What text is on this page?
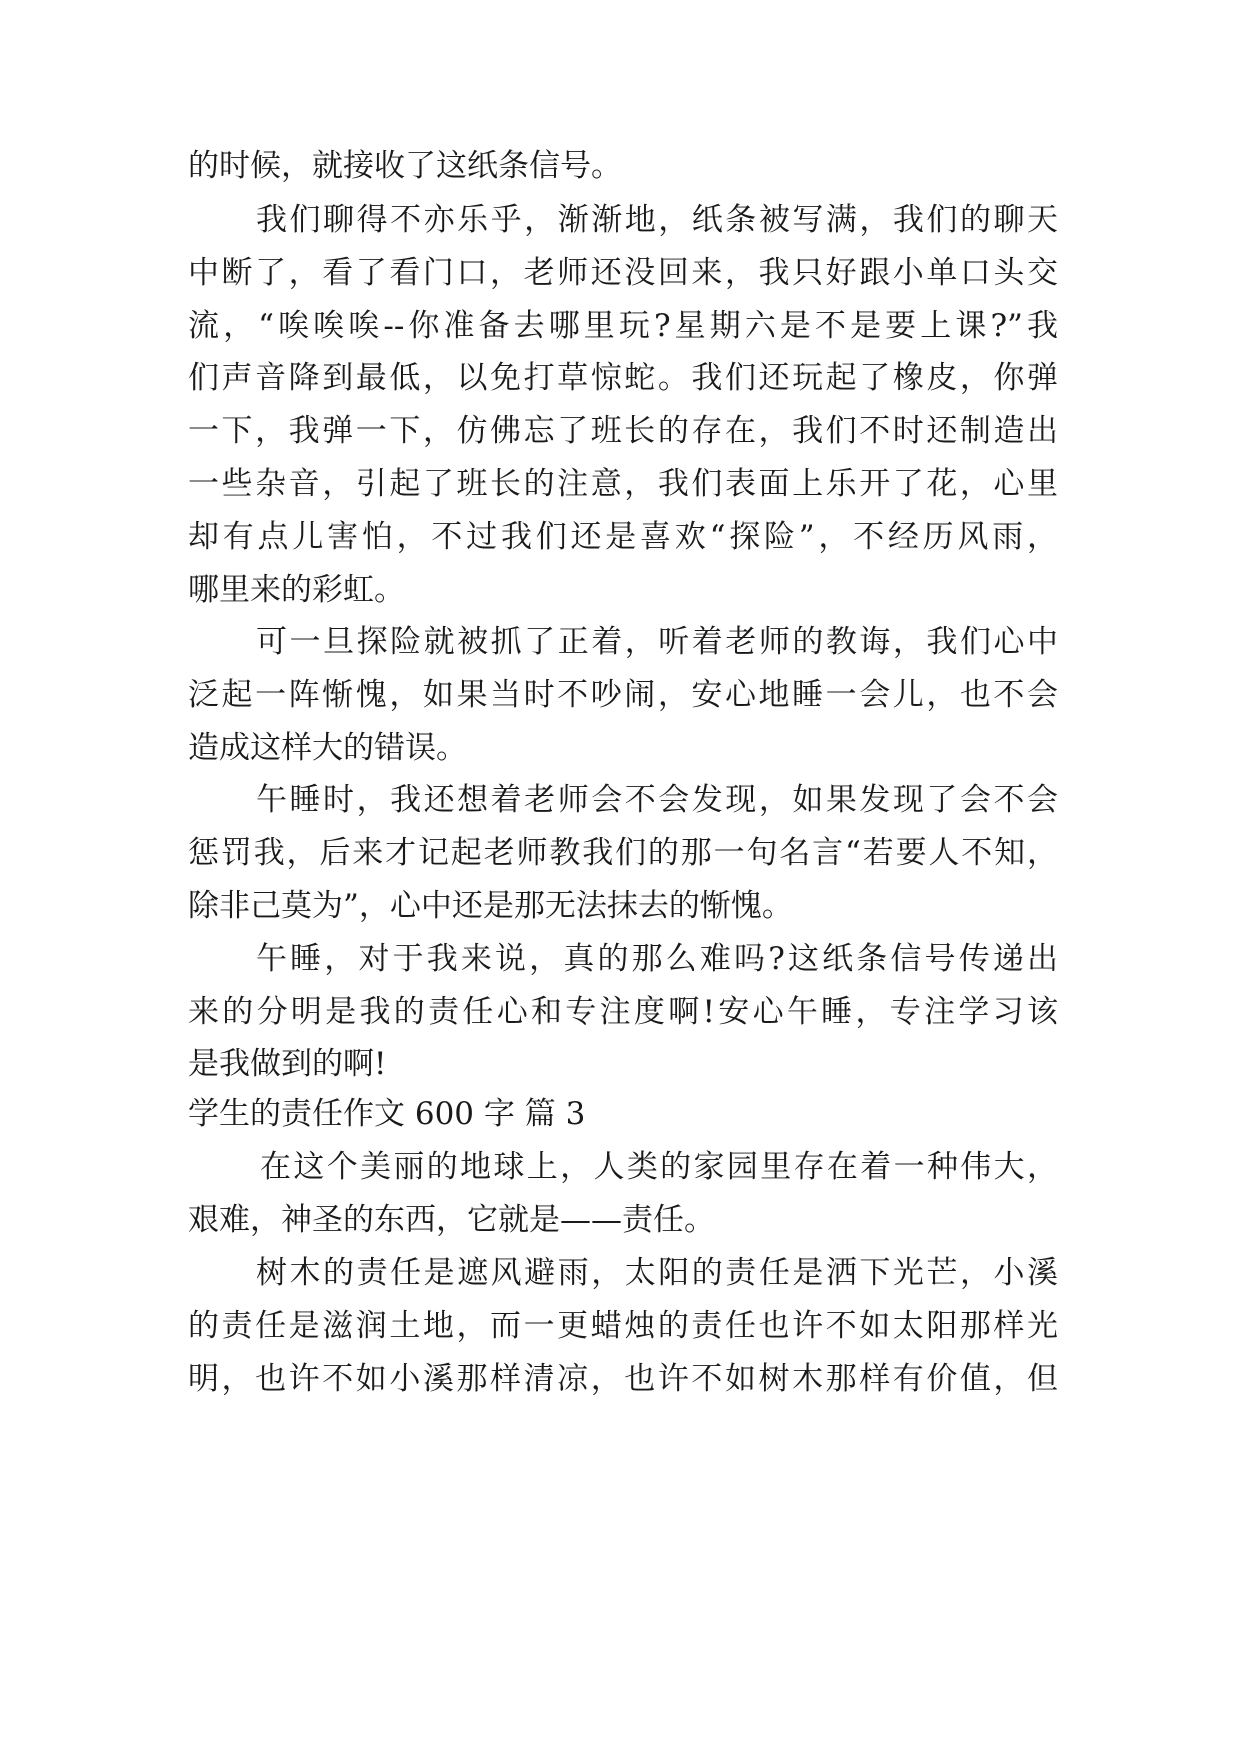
的时候，就接收了这纸条信号。
我们聊得不亦乐乎，渐渐地，纸条被写满，我们的聊天
中断了，看了看门口，老师还没回来，我只好跟小单口头交
流，“唉唉唉--你准备去哪里玩?星期六是不是要上课?”我
们声音降到最低，以免打草惊蛇。我们还玩起了橡皮，你弹
一下，我弹一下，仿佛忘了班长的存在，我们不时还制造出
一些杂音，引起了班长的注意，我们表面上乐开了花，心里
却有点儿害怕，不过我们还是喜欢“探险”，不经历风雨，
哪里来的彩虹。
可一旦探险就被抓了正着，听着老师的教诲，我们心中
泛起一阵惭愧，如果当时不吵闹，安心地睡一会儿，也不会
造成这样大的错误。
午睡时，我还想着老师会不会发现，如果发现了会不会
惩罚我，后来才记起老师教我们的那一句名言“若要人不知，
除非己莫为”，心中还是那无法抹去的惭愧。
午睡，对于我来说，真的那么难吗?这纸条信号传递出
来的分明是我的责任心和专注度啊!安心午睡，专注学习该
是我做到的啊!
学生的责任作文 600 字 篇 3
在这个美丽的地球上，人类的家园里存在着一种伟大，
艰难，神圣的东西，它就是——责任。
树木的责任是遮风避雨，太阳的责任是洒下光芒，小溪
的责任是滋润土地，而一更蜡烛的责任也许不如太阳那样光
明，也许不如小溪那样清凉，也许不如树木那样有价值，但
